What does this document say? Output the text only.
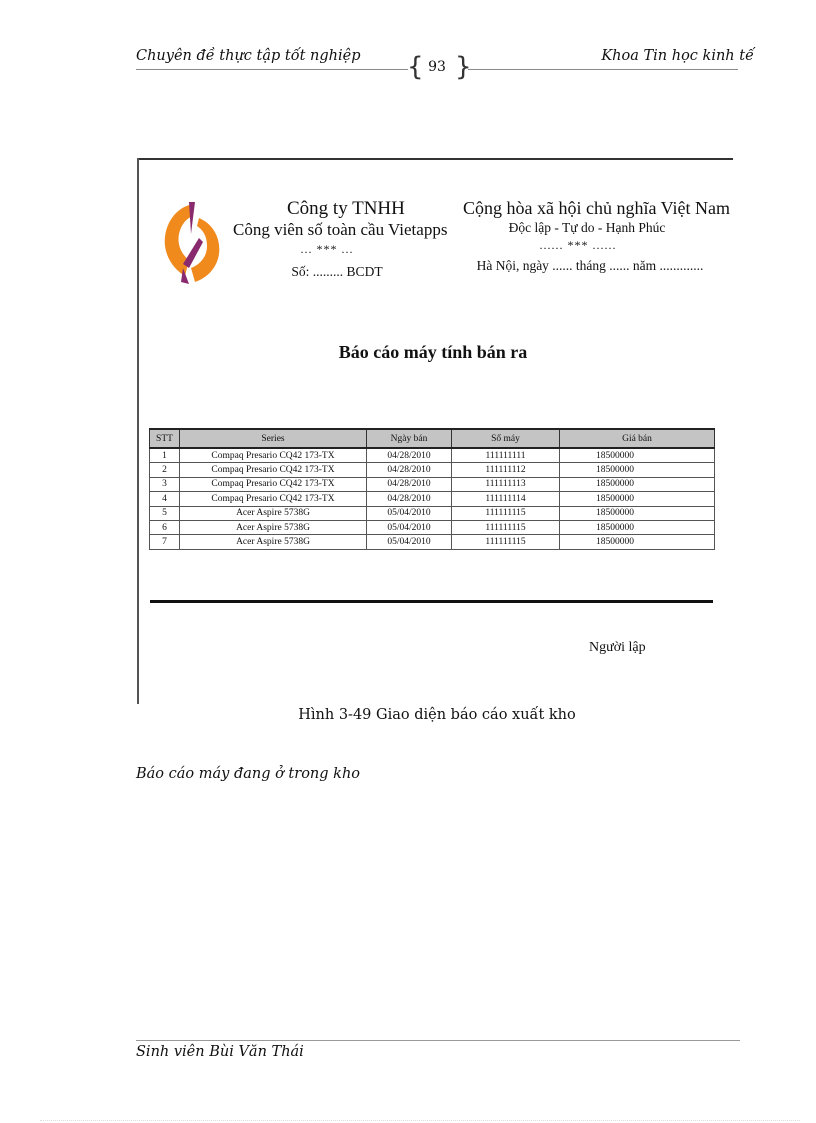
Chuyên đề thực tập tốt nghiệp { 93 }	Khoa Tin học kinh tế
Công ty TNHH
Công viên số toàn cầu Vietapps
... *** ...
Số: ......... BCDT
Cộng hòa xã hội chủ nghĩa Việt Nam
Độc lập - Tự do - Hạnh Phúc
...... *** ......
Hà Nội, ngày ...... tháng ...... năm .............
Báo cáo máy tính bán ra
STT	Series	Ngày bán	Số máy	Giá bán
1	Compaq Presario CQ42 173-TX	04/28/2010	111111111	18500000
2	Compaq Presario CQ42 173-TX	04/28/2010	111111112	18500000
3	Compaq Presario CQ42 173-TX	04/28/2010	111111113	18500000
4	Compaq Presario CQ42 173-TX	04/28/2010	111111114	18500000
5	Acer Aspire 5738G	05/04/2010	111111115	18500000
6	Acer Aspire 5738G	05/04/2010	111111115	18500000
7	Acer Aspire 5738G	05/04/2010	111111115	18500000
Người lập
Hình 3-49 Giao diện báo cáo xuất kho
Báo cáo máy đang ở trong kho
Sinh viên Bùi Văn Thái
